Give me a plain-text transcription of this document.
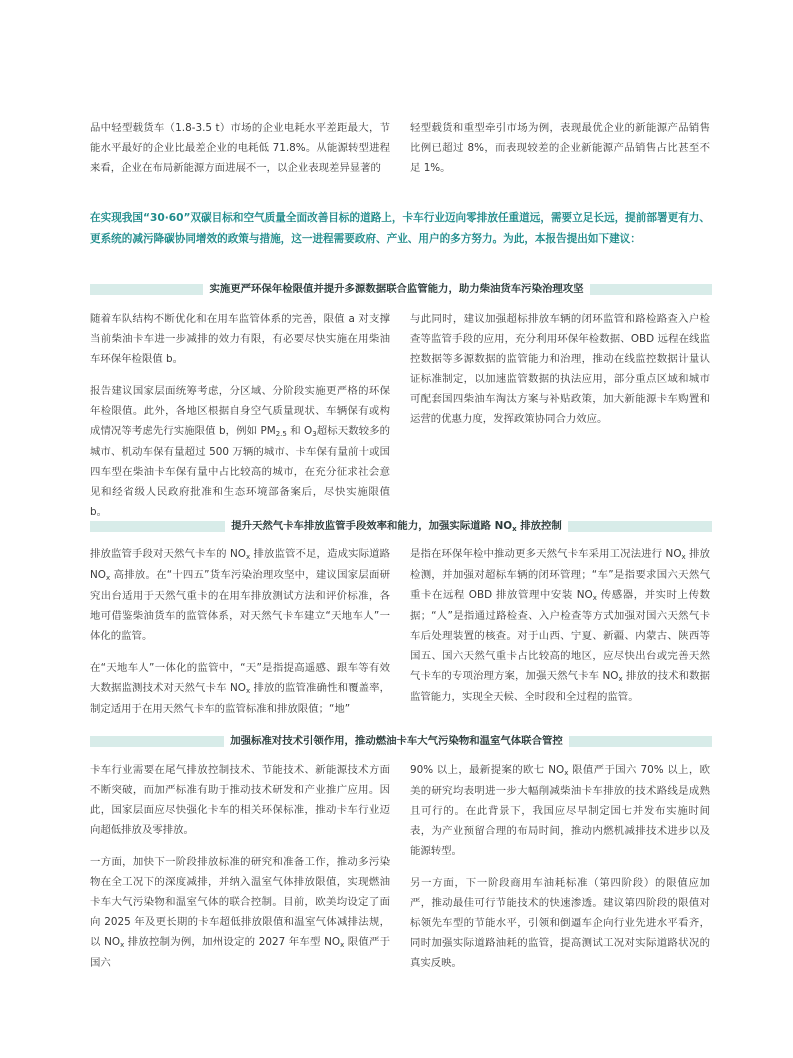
品中轻型载货车（1.8-3.5 t）市场的企业电耗水平差距最大，节能水平最好的企业比最差企业的电耗低 71.8%。从能源转型进程来看，企业在布局新能源方面进展不一，以企业表现差异显著的

轻型载货和重型牵引市场为例，表现最优企业的新能源产品销售比例已超过 8%，而表现较差的企业新能源产品销售占比甚至不足 1%。

在实现我国“30·60”双碳目标和空气质量全面改善目标的道路上，卡车行业迈向零排放任重道远，需要立足长远，提前部署更有力、更系统的减污降碳协同增效的政策与措施，这一进程需要政府、产业、用户的多方努力。为此，本报告提出如下建议：

实施更严环保年检限值并提升多源数据联合监管能力，助力柴油货车污染治理攻坚

随着车队结构不断优化和在用车监管体系的完善，限值 a 对支撑当前柴油卡车进一步减排的效力有限，有必要尽快实施在用柴油车环保年检限值 b。

报告建议国家层面统筹考虑，分区域、分阶段实施更严格的环保年检限值。此外，各地区根据自身空气质量现状、车辆保有或构成情况等考虑先行实施限值 b，例如 PM2.5 和 O3超标天数较多的城市、机动车保有量超过 500 万辆的城市、卡车保有量前十或国四车型在柴油卡车保有量中占比较高的城市，在充分征求社会意见和经省级人民政府批准和生态环境部备案后，尽快实施限值 b。

与此同时，建议加强超标排放车辆的闭环监管和路检路查入户检查等监管手段的应用，充分利用环保年检数据、OBD 远程在线监控数据等多源数据的监管能力和治理，推动在线监控数据计量认证标准制定，以加速监管数据的执法应用，部分重点区域和城市可配套国四柴油车淘汰方案与补贴政策，加大新能源卡车购置和运营的优惠力度，发挥政策协同合力效应。

提升天然气卡车排放监管手段效率和能力，加强实际道路 NOx 排放控制

排放监管手段对天然气卡车的 NOx 排放监管不足，造成实际道路 NOx 高排放。在“十四五”货车污染治理攻坚中，建议国家层面研究出台适用于天然气重卡的在用车排放测试方法和评价标准，各地可借鉴柴油货车的监管体系，对天然气卡车建立“天地车人”一体化的监管。

在“天地车人”一体化的监管中，“天”是指提高遥感、跟车等有效大数据监测技术对天然气卡车 NOx 排放的监管准确性和覆盖率，制定适用于在用天然气卡车的监管标准和排放限值；“地”

是指在环保年检中推动更多天然气卡车采用工况法进行 NOx 排放检测，并加强对超标车辆的闭环管理；“车”是指要求国六天然气重卡在远程 OBD 排放管理中安装 NOx 传感器，并实时上传数据；“人”是指通过路检查、入户检查等方式加强对国六天然气卡车后处理装置的核查。对于山西、宁夏、新疆、内蒙古、陕西等国五、国六天然气重卡占比较高的地区，应尽快出台或完善天然气卡车的专项治理方案，加强天然气卡车 NOx 排放的技术和数据监管能力，实现全天候、全时段和全过程的监管。

加强标准对技术引领作用，推动燃油卡车大气污染物和温室气体联合管控

卡车行业需要在尾气排放控制技术、节能技术、新能源技术方面不断突破，而加严标准有助于推动技术研发和产业推广应用。因此，国家层面应尽快强化卡车的相关环保标准，推动卡车行业迈向超低排放及零排放。

一方面，加快下一阶段排放标准的研究和准备工作，推动多污染物在全工况下的深度减排，并纳入温室气体排放限值，实现燃油卡车大气污染物和温室气体的联合控制。目前，欧美均设定了面向 2025 年及更长期的卡车超低排放限值和温室气体减排法规，以 NOx 排放控制为例，加州设定的 2027 年车型 NOx 限值严于国六

90% 以上，最新提案的欧七 NOx 限值严于国六 70% 以上，欧美的研究均表明进一步大幅削减柴油卡车排放的技术路线是成熟且可行的。在此背景下，我国应尽早制定国七并发布实施时间表，为产业预留合理的布局时间，推动内燃机减排技术进步以及能源转型。

另一方面，下一阶段商用车油耗标准（第四阶段）的限值应加严，推动最佳可行节能技术的快速渗透。建议第四阶段的限值对标领先车型的节能水平，引领和倒逼车企向行业先进水平看齐，同时加强实际道路油耗的监管，提高测试工况对实际道路状况的真实反映。
